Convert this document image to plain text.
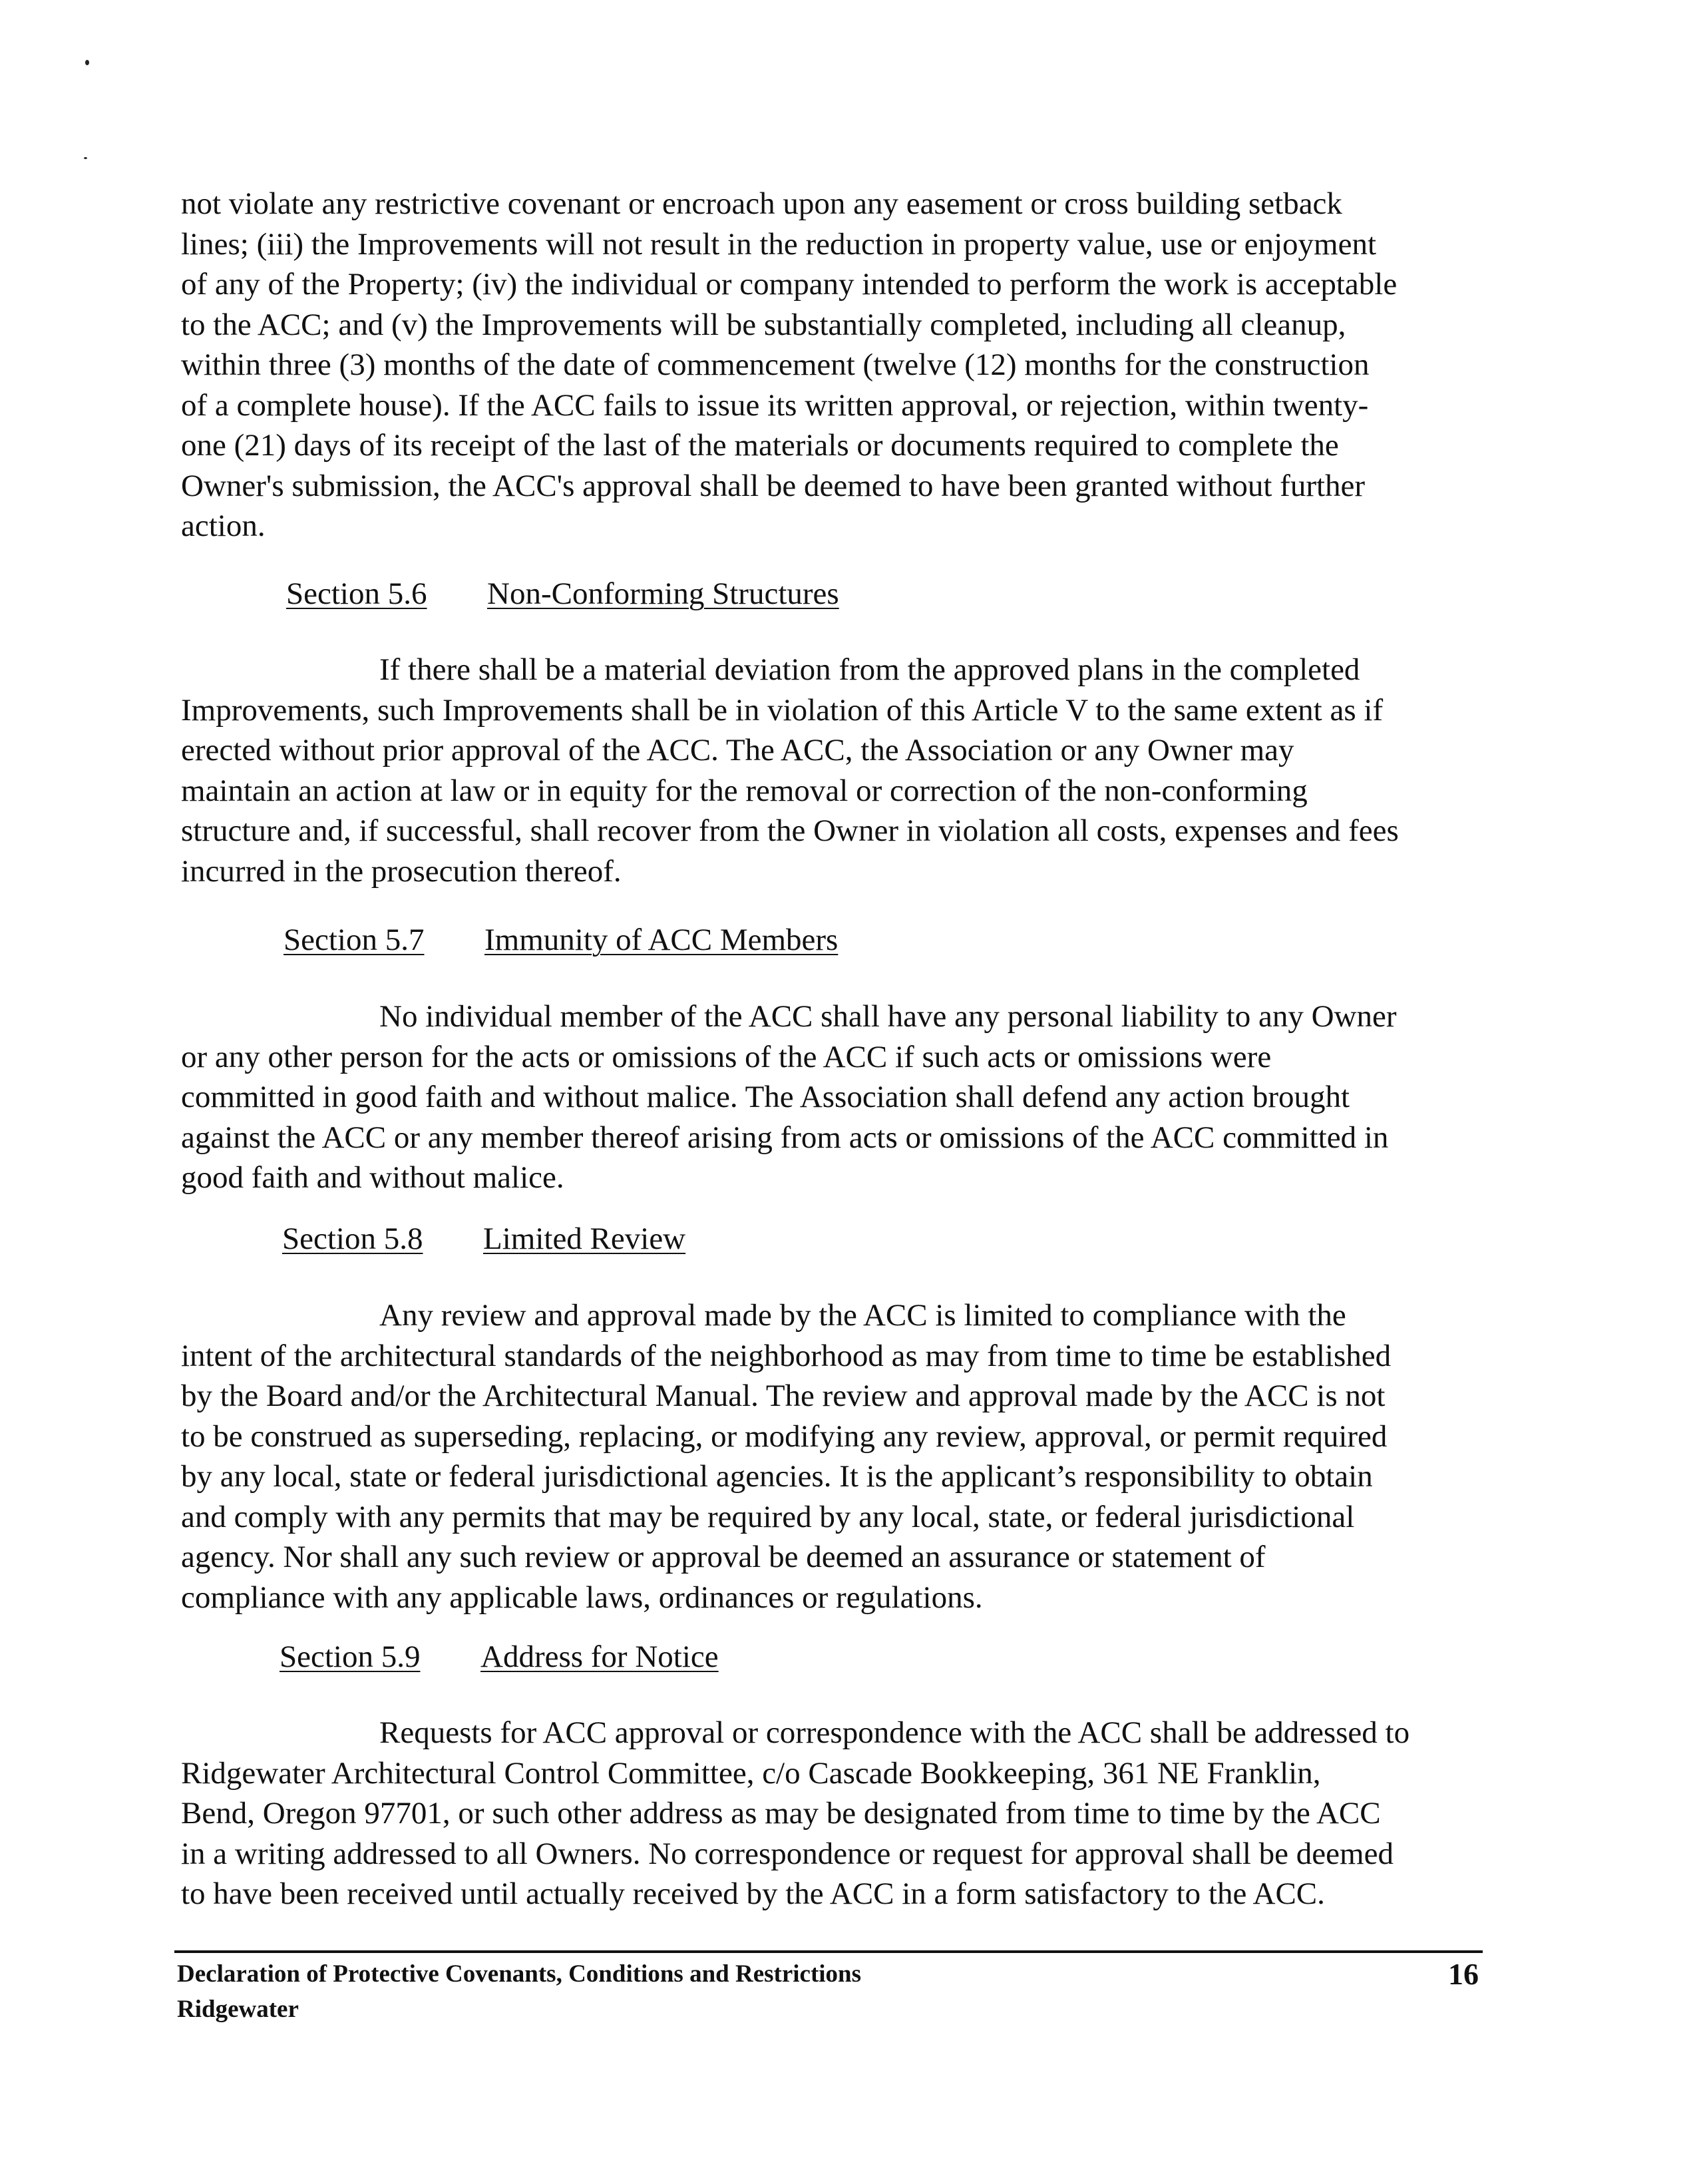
not violate any restrictive covenant or encroach upon any easement or cross building setback
lines; (iii) the Improvements will not result in the reduction in property value, use or enjoyment
of any of the Property; (iv) the individual or company intended to perform the work is acceptable
to the ACC; and (v) the Improvements will be substantially completed, including all cleanup,
within three (3) months of the date of commencement (twelve (12) months for the construction
of a complete house). If the ACC fails to issue its written approval, or rejection, within twenty-
one (21) days of its receipt of the last of the materials or documents required to complete the
Owner's submission, the ACC's approval shall be deemed to have been granted without further
action.

Section 5.6 Non-Conforming Structures

If there shall be a material deviation from the approved plans in the completed
Improvements, such Improvements shall be in violation of this Article V to the same extent as if
erected without prior approval of the ACC. The ACC, the Association or any Owner may
maintain an action at law or in equity for the removal or correction of the non-conforming
structure and, if successful, shall recover from the Owner in violation all costs, expenses and fees
incurred in the prosecution thereof.

Section 5.7 Immunity of ACC Members

No individual member of the ACC shall have any personal liability to any Owner
or any other person for the acts or omissions of the ACC if such acts or omissions were
committed in good faith and without malice. The Association shall defend any action brought
against the ACC or any member thereof arising from acts or omissions of the ACC committed in
good faith and without malice.

Section 5.8 Limited Review

Any review and approval made by the ACC is limited to compliance with the
intent of the architectural standards of the neighborhood as may from time to time be established
by the Board and/or the Architectural Manual. The review and approval made by the ACC is not
to be construed as superseding, replacing, or modifying any review, approval, or permit required
by any local, state or federal jurisdictional agencies. It is the applicant’s responsibility to obtain
and comply with any permits that may be required by any local, state, or federal jurisdictional
agency. Nor shall any such review or approval be deemed an assurance or statement of
compliance with any applicable laws, ordinances or regulations.

Section 5.9 Address for Notice

Requests for ACC approval or correspondence with the ACC shall be addressed to
Ridgewater Architectural Control Committee, c/o Cascade Bookkeeping, 361 NE Franklin,
Bend, Oregon 97701, or such other address as may be designated from time to time by the ACC
in a writing addressed to all Owners. No correspondence or request for approval shall be deemed
to have been received until actually received by the ACC in a form satisfactory to the ACC.

Declaration of Protective Covenants, Conditions and Restrictions
Ridgewater
16
